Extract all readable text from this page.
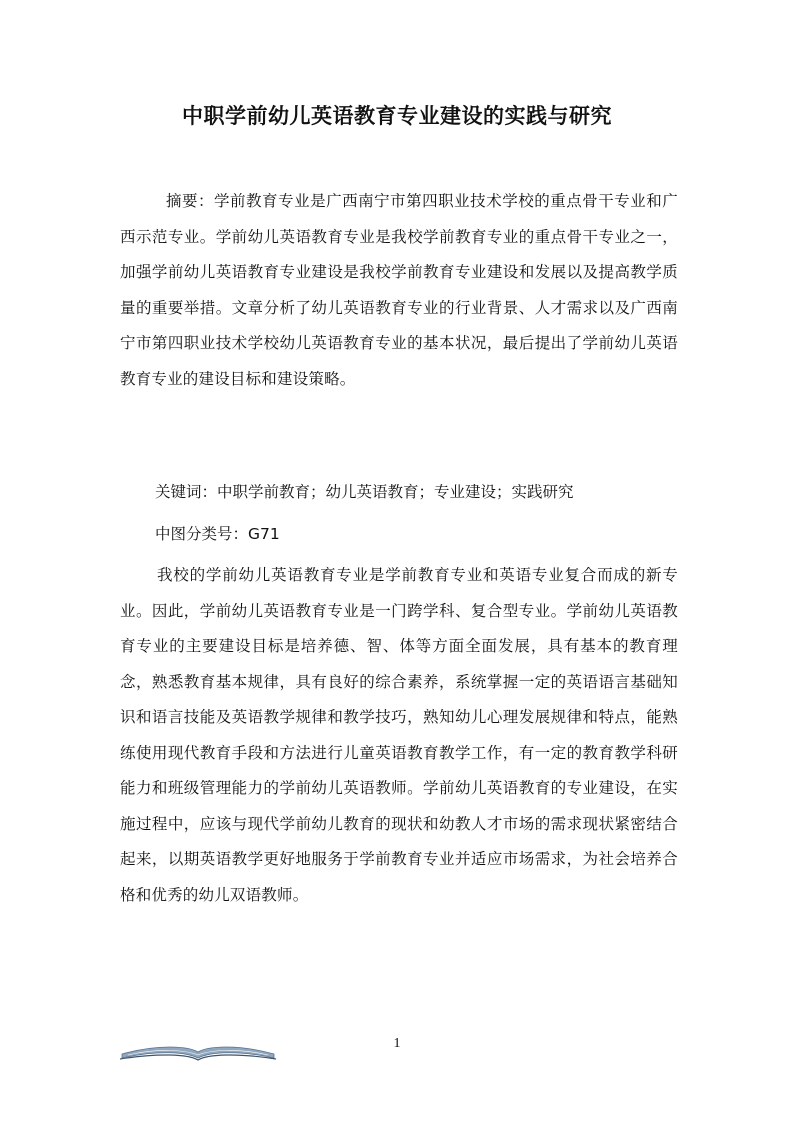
中职学前幼儿英语教育专业建设的实践与研究

摘要：学前教育专业是广西南宁市第四职业技术学校的重点骨干专业和广西示范专业。学前幼儿英语教育专业是我校学前教育专业的重点骨干专业之一，加强学前幼儿英语教育专业建设是我校学前教育专业建设和发展以及提高教学质量的重要举措。文章分析了幼儿英语教育专业的行业背景、人才需求以及广西南宁市第四职业技术学校幼儿英语教育专业的基本状况，最后提出了学前幼儿英语教育专业的建设目标和建设策略。

关键词：中职学前教育；幼儿英语教育；专业建设；实践研究
中图分类号：G71

我校的学前幼儿英语教育专业是学前教育专业和英语专业复合而成的新专业。因此，学前幼儿英语教育专业是一门跨学科、复合型专业。学前幼儿英语教育专业的主要建设目标是培养德、智、体等方面全面发展，具有基本的教育理念，熟悉教育基本规律，具有良好的综合素养，系统掌握一定的英语语言基础知识和语言技能及英语教学规律和教学技巧，熟知幼儿心理发展规律和特点，能熟练使用现代教育手段和方法进行儿童英语教育教学工作，有一定的教育教学科研能力和班级管理能力的学前幼儿英语教师。学前幼儿英语教育的专业建设，在实施过程中，应该与现代学前幼儿教育的现状和幼教人才市场的需求现状紧密结合起来，以期英语教学更好地服务于学前教育专业并适应市场需求，为社会培养合格和优秀的幼儿双语教师。

1
